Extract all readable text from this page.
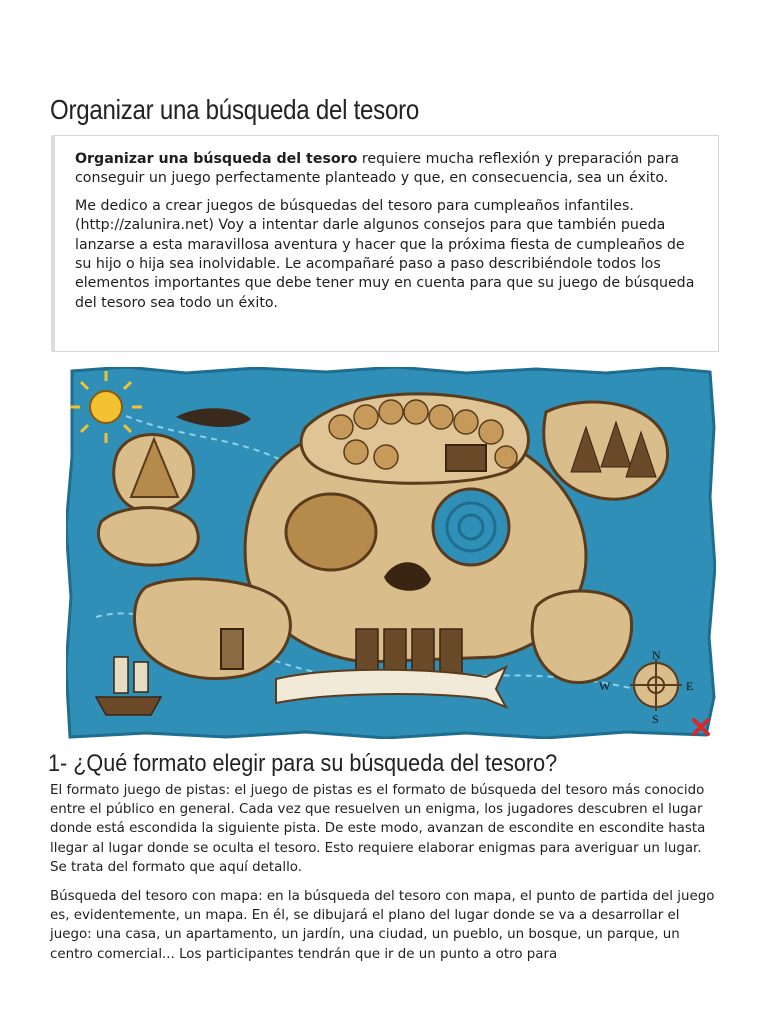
Organizar una búsqueda del tesoro

Organizar una búsqueda del tesoro requiere mucha reflexión y preparación para conseguir un juego perfectamente planteado y que, en consecuencia, sea un éxito.

Me dedico a crear juegos de búsquedas del tesoro para cumpleaños infantiles. (http://zalunira.net) Voy a intentar darle algunos consejos para que también pueda lanzarse a esta maravillosa aventura y hacer que la próxima fiesta de cumpleaños de su hijo o hija sea inolvidable. Le acompañaré paso a paso describiéndole todos los elementos importantes que debe tener muy en cuenta para que su juego de búsqueda del tesoro sea todo un éxito.

N
S
E
W
1- ¿Qué formato elegir para su búsqueda del tesoro?

El formato juego de pistas: el juego de pistas es el formato de búsqueda del tesoro más conocido entre el público en general. Cada vez que resuelven un enigma, los jugadores descubren el lugar donde está escondida la siguiente pista. De este modo, avanzan de escondite en escondite hasta llegar al lugar donde se oculta el tesoro. Esto requiere elaborar enigmas para averiguar un lugar. Se trata del formato que aquí detallo.

Búsqueda del tesoro con mapa: en la búsqueda del tesoro con mapa, el punto de partida del juego es, evidentemente, un mapa. En él, se dibujará el plano del lugar donde se va a desarrollar el juego: una casa, un apartamento, un jardín, una ciudad, un pueblo, un bosque, un parque, un centro comercial... Los participantes tendrán que ir de un punto a otro para
